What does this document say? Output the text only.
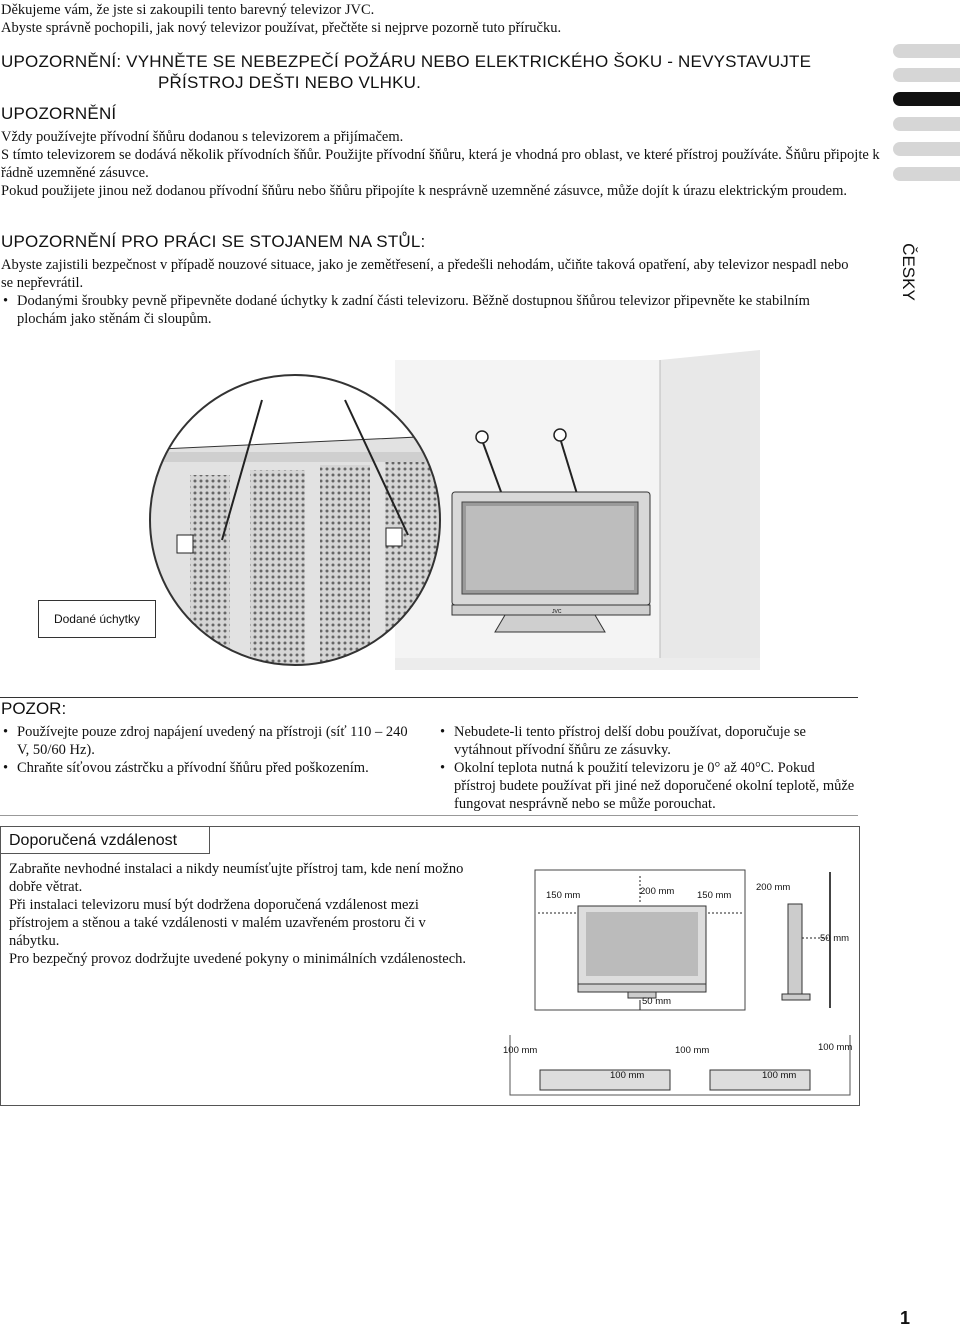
ČESKY
Děkujeme vám, že jste si zakoupili tento barevný televizor JVC.
Abyste správně pochopili, jak nový televizor používat, přečtěte si nejprve pozorně tuto příručku.
UPOZORNĚNÍ: VYHNĚTE SE NEBEZPEČÍ POŽÁRU NEBO ELEKTRICKÉHO ŠOKU - NEVYSTAVUJTE
PŘÍSTROJ DEŠTI NEBO VLHKU.
UPOZORNĚNÍ
Vždy používejte přívodní šňůru dodanou s televizorem a přijímačem.
S tímto televizorem se dodává několik přívodních šňůr. Použijte přívodní šňůru, která je vhodná pro oblast, ve které přístroj používáte. Šňůru připojte k řádně uzemněné zásuvce.
Pokud použijete jinou než dodanou přívodní šňůru nebo šňůru připojíte k nesprávně uzemněné zásuvce, může dojít k úrazu elektrickým proudem.
UPOZORNĚNÍ PRO PRÁCI SE STOJANEM NA STŮL:
Abyste zajistili bezpečnost v případě nouzové situace, jako je zemětřesení, a předešli nehodám, učiňte taková opatření, aby televizor nespadl nebo se nepřevrátil.
• Dodanými šroubky pevně připevněte dodané úchytky k zadní části televizoru. Běžně dostupnou šňůrou televizor připevněte ke stabilním plochám jako stěnám či sloupům.
JVC
Dodané úchytky
POZOR:
• Používejte pouze zdroj napájení uvedený na přístroji (síť 110 – 240 V, 50/60 Hz).
• Chraňte síťovou zástrčku a přívodní šňůru před poškozením.
• Nebudete-li tento přístroj delší dobu používat, doporučuje se vytáhnout přívodní šňůru ze zásuvky.
• Okolní teplota nutná k použití televizoru je 0° až 40°C. Pokud přístroj budete používat při jiné než doporučené okolní teplotě, může fungovat nesprávně nebo se může porouchat.
Doporučená vzdálenost
Zabraňte nevhodné instalaci a nikdy neumísťujte přístroj tam, kde není možno dobře větrat.
Při instalaci televizoru musí být dodržena doporučená vzdálenost mezi přístrojem a stěnou a také vzdálenosti v malém uzavřeném prostoru či v nábytku.
Pro bezpečný provoz dodržujte uvedené pokyny o minimálních vzdálenostech.
150 mm	200 mm 150 mm
50 mm
200 mm
50 mm
100 mm	100 mm	100 mm
100 mm	100 mm
1
